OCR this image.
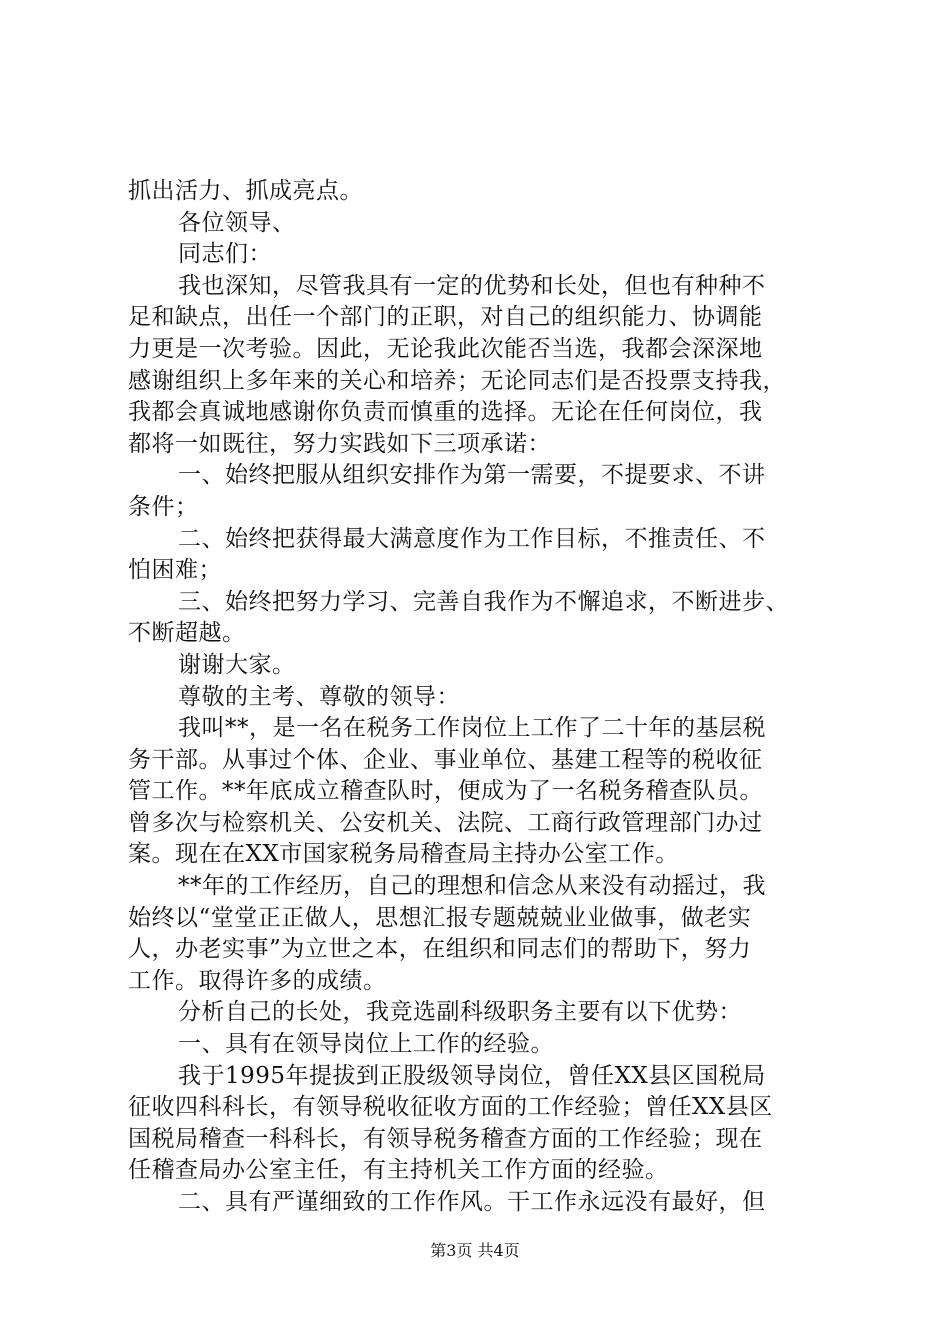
抓出活力、抓成亮点。
各位领导、
同志们：
我也深知，尽管我具有一定的优势和长处，但也有种种不
足和缺点，出任一个部门的正职，对自己的组织能力、协调能
力更是一次考验。因此，无论我此次能否当选，我都会深深地
感谢组织上多年来的关心和培养；无论同志们是否投票支持我，
我都会真诚地感谢你负责而慎重的选择。无论在任何岗位，我
都将一如既往，努力实践如下三项承诺：
一、始终把服从组织安排作为第一需要，不提要求、不讲
条件；
二、始终把获得最大满意度作为工作目标，不推责任、不
怕困难；
三、始终把努力学习、完善自我作为不懈追求，不断进步、
不断超越。
谢谢大家。
尊敬的主考、尊敬的领导：
我叫**，是一名在税务工作岗位上工作了二十年的基层税
务干部。从事过个体、企业、事业单位、基建工程等的税收征
管工作。**年底成立稽查队时，便成为了一名税务稽查队员。
曾多次与检察机关、公安机关、法院、工商行政管理部门办过
案。现在在XX市国家税务局稽查局主持办公室工作。
**年的工作经历，自己的理想和信念从来没有动摇过，我
始终以“堂堂正正做人，思想汇报专题兢兢业业做事，做老实
人，办老实事”为立世之本，在组织和同志们的帮助下，努力
工作。取得许多的成绩。
分析自己的长处，我竞选副科级职务主要有以下优势：
一、具有在领导岗位上工作的经验。
我于1995年提拔到正股级领导岗位，曾任XX县区国税局
征收四科科长，有领导税收征收方面的工作经验；曾任XX县区
国税局稽查一科科长，有领导税务稽查方面的工作经验；现在
任稽查局办公室主任，有主持机关工作方面的经验。
二、具有严谨细致的工作作风。干工作永远没有最好，但
第3页 共4页
